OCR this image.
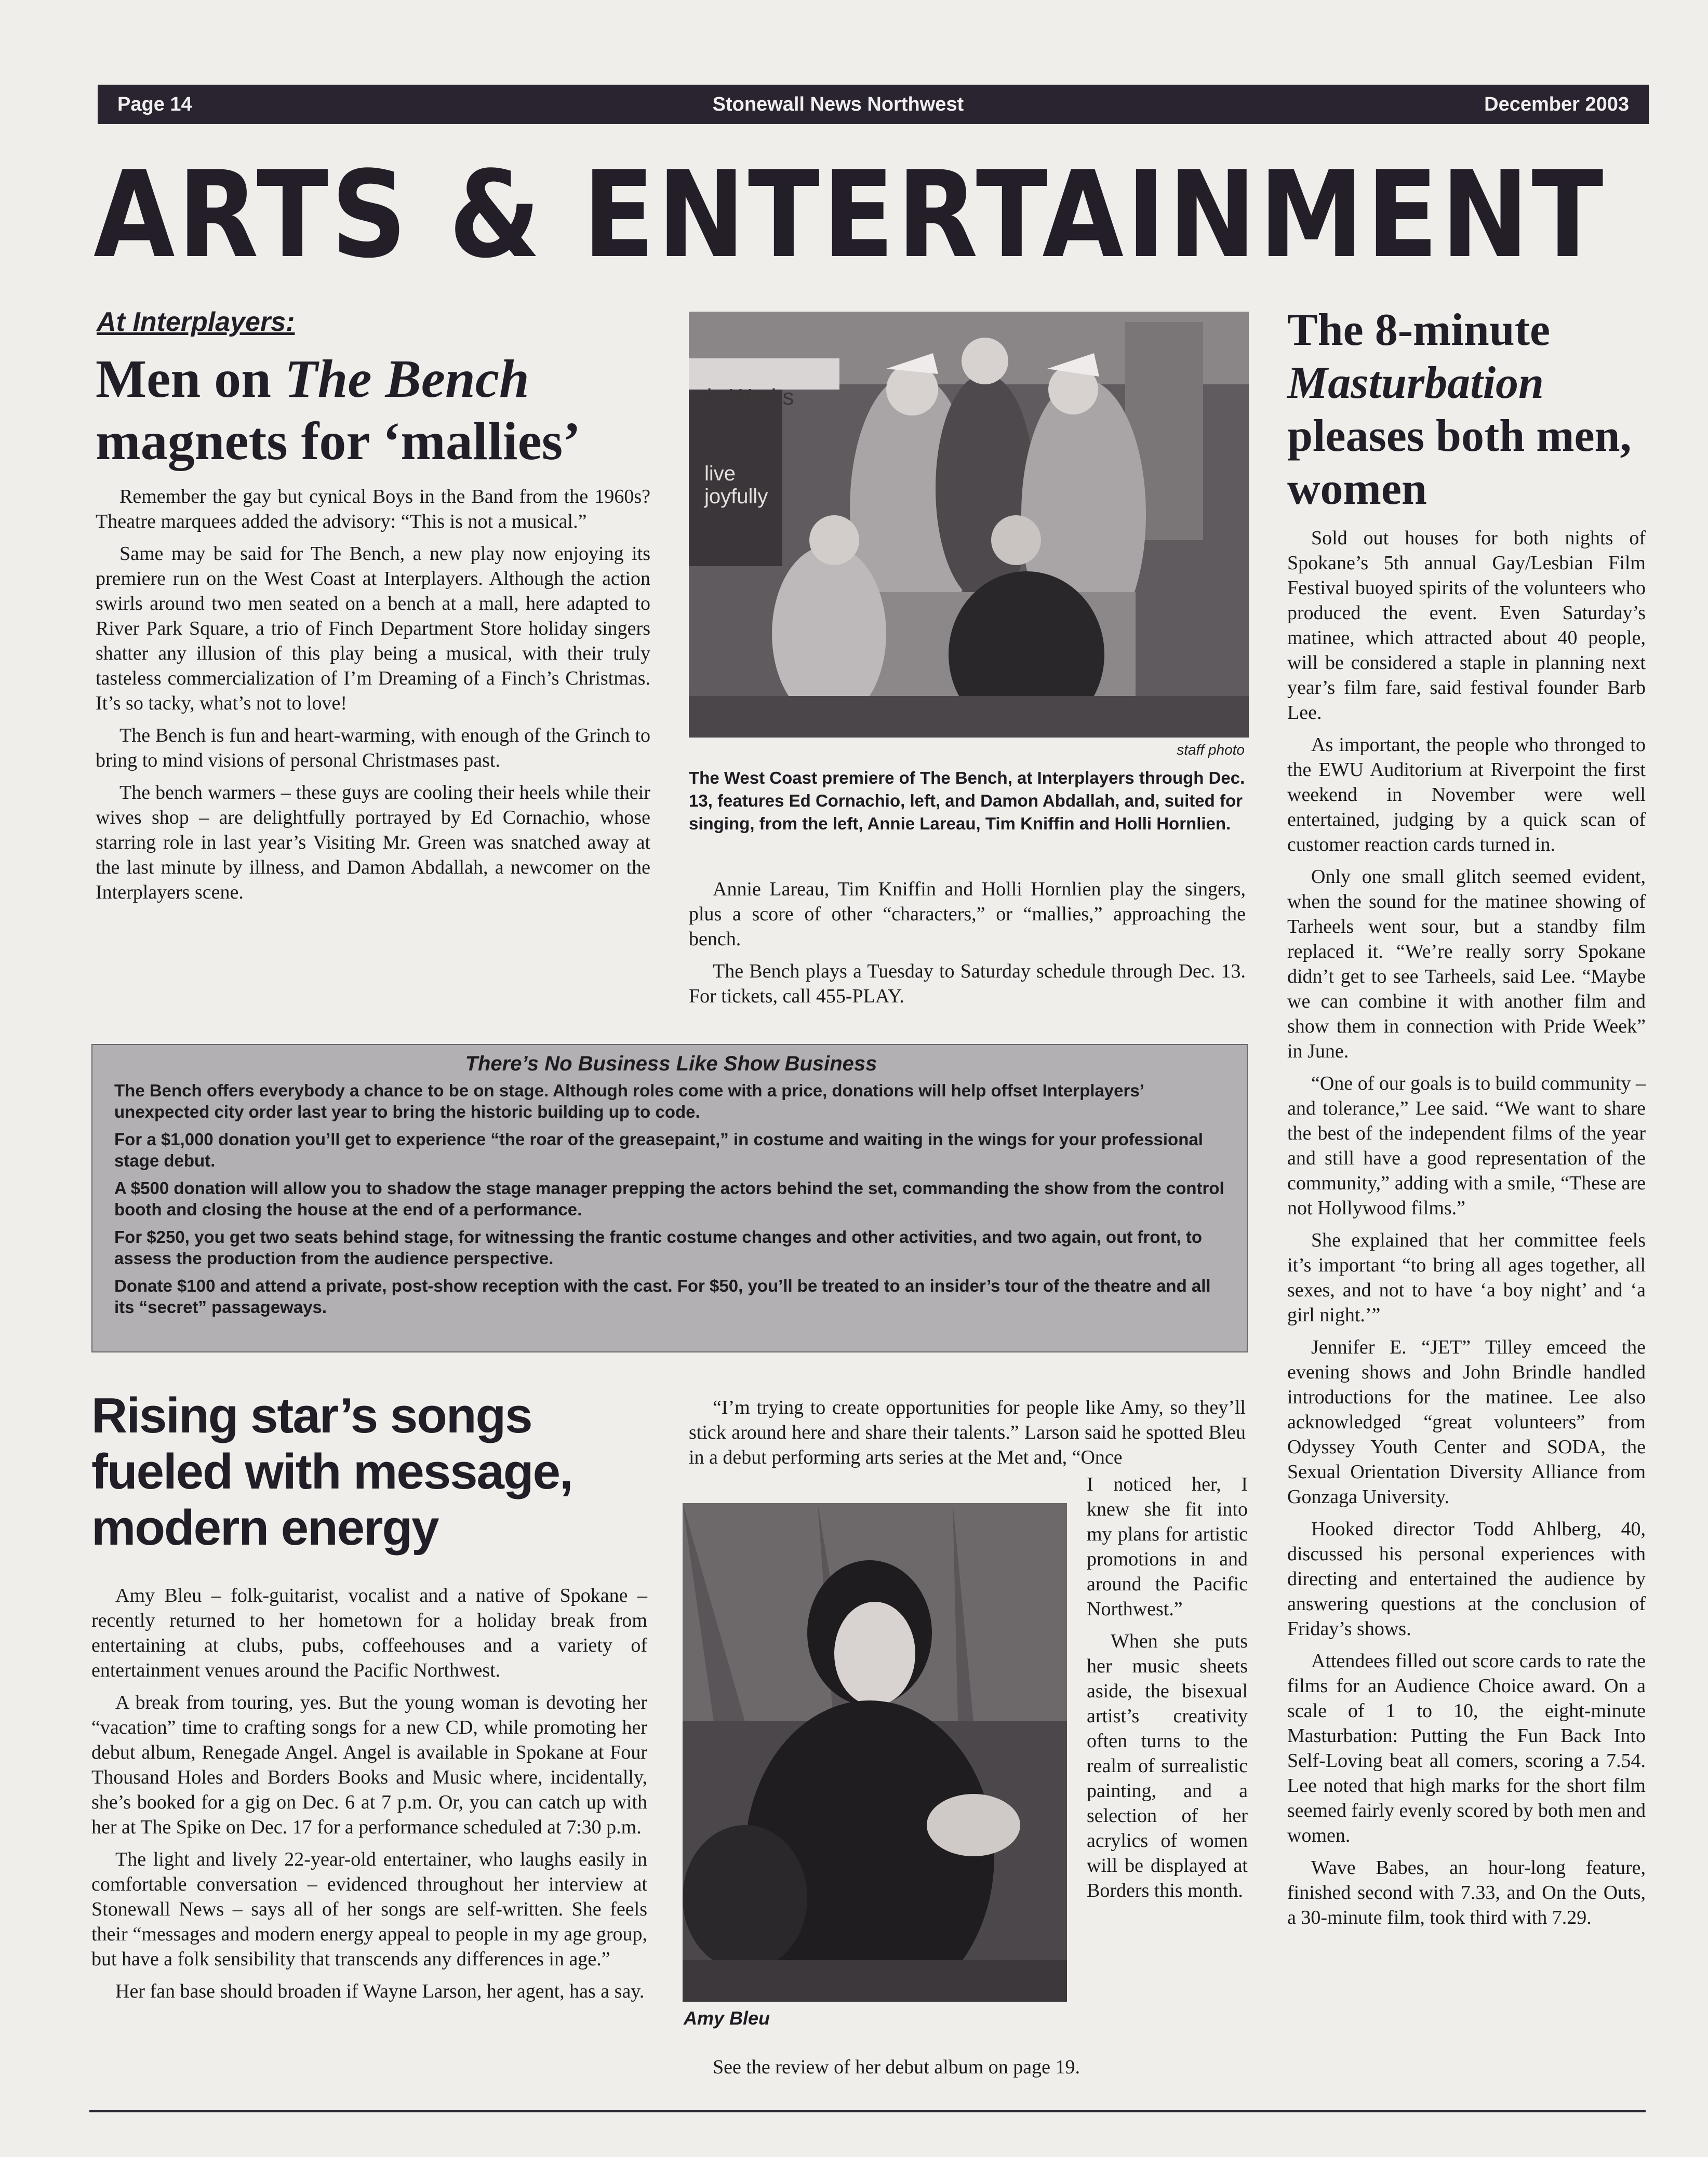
Page 14	Stonewall News Northwest	December 2003
ARTS & ENTERTAINMENT
At Interplayers:
Men on The Bench
magnets for ‘mallies’

Remember the gay but cynical Boys in the Band from the 1960s? Theatre marquees added the advisory: “This is not a musical.”

Same may be said for The Bench, a new play now enjoying its premiere run on the West Coast at Interplayers. Although the action swirls around two men seated on a bench at a mall, here adapted to River Park Square, a trio of Finch Department Store holiday singers shatter any illusion of this play being a musical, with their truly tasteless commercialization of I’m Dreaming of a Finch’s Christmas. It’s so tacky, what’s not to love!

The Bench is fun and heart-warming, with enough of the Grinch to bring to mind visions of personal Christmases past.

The bench warmers – these guys are cooling their heels while their wives shop – are delightfully portrayed by Ed Cornachio, whose starring role in last year’s Visiting Mr. Green was snatched away at the last minute by illness, and Damon Abdallah, a newcomer on the Interplayers scene.

dy Works
live joyfully
staff photo
The West Coast premiere of The Bench, at Interplayers through Dec. 13, features Ed Cornachio, left, and Damon Abdallah, and, suited for singing, from the left, Annie Lareau, Tim Kniffin and Holli Hornlien.

Annie Lareau, Tim Kniffin and Holli Hornlien play the singers, plus a score of other “characters,” or “mallies,” approaching the bench.

The Bench plays a Tuesday to Saturday schedule through Dec. 13. For tickets, call 455-PLAY.

There’s No Business Like Show Business

The Bench offers everybody a chance to be on stage. Although roles come with a price, donations will help offset Interplayers’ unexpected city order last year to bring the historic building up to code.

For a $1,000 donation you’ll get to experience “the roar of the greasepaint,” in costume and waiting in the wings for your professional stage debut.

A $500 donation will allow you to shadow the stage manager prepping the actors behind the set, commanding the show from the control booth and closing the house at the end of a performance.

For $250, you get two seats behind stage, for witnessing the frantic costume changes and other activities, and two again, out front, to assess the production from the audience perspective.

Donate $100 and attend a private, post-show reception with the cast. For $50, you’ll be treated to an insider’s tour of the theatre and all its “secret” passageways.

The 8-minute
Masturbation
pleases both men, women

Sold out houses for both nights of Spokane’s 5th annual Gay/Lesbian Film Festival buoyed spirits of the volunteers who produced the event. Even Saturday’s matinee, which attracted about 40 people, will be considered a staple in planning next year’s film fare, said festival founder Barb Lee.

As important, the people who thronged to the EWU Auditorium at Riverpoint the first weekend in November were well entertained, judging by a quick scan of customer reaction cards turned in.

Only one small glitch seemed evident, when the sound for the matinee showing of Tarheels went sour, but a standby film replaced it. “We’re really sorry Spokane didn’t get to see Tarheels, said Lee. “Maybe we can combine it with another film and show them in connection with Pride Week” in June.

“One of our goals is to build community – and tolerance,” Lee said. “We want to share the best of the independent films of the year and still have a good representation of the community,” adding with a smile, “These are not Hollywood films.”

She explained that her committee feels it’s important “to bring all ages together, all sexes, and not to have ‘a boy night’ and ‘a girl night.’”

Jennifer E. “JET” Tilley emceed the evening shows and John Brindle handled introductions for the matinee. Lee also acknowledged “great volunteers” from Odyssey Youth Center and SODA, the Sexual Orientation Diversity Alliance from Gonzaga University.

Hooked director Todd Ahlberg, 40, discussed his personal experiences with directing and entertained the audience by answering questions at the conclusion of Friday’s shows.

Attendees filled out score cards to rate the films for an Audience Choice award. On a scale of 1 to 10, the eight-minute Masturbation: Putting the Fun Back Into Self-Loving beat all comers, scoring a 7.54. Lee noted that high marks for the short film seemed fairly evenly scored by both men and women.

Wave Babes, an hour-long feature, finished second with 7.33, and On the Outs, a 30-minute film, took third with 7.29.

Rising star’s songs fueled with message, modern energy

Amy Bleu – folk-guitarist, vocalist and a native of Spokane – recently returned to her hometown for a holiday break from entertaining at clubs, pubs, coffeehouses and a variety of entertainment venues around the Pacific Northwest.

A break from touring, yes. But the young woman is devoting her “vacation” time to crafting songs for a new CD, while promoting her debut album, Renegade Angel. Angel is available in Spokane at Four Thousand Holes and Borders Books and Music where, incidentally, she’s booked for a gig on Dec. 6 at 7 p.m. Or, you can catch up with her at The Spike on Dec. 17 for a performance scheduled at 7:30 p.m.

The light and lively 22-year-old entertainer, who laughs easily in comfortable conversation – evidenced throughout her interview at Stonewall News – says all of her songs are self-written. She feels their “messages and modern energy appeal to people in my age group, but have a folk sensibility that transcends any differences in age.”

Her fan base should broaden if Wayne Larson, her agent, has a say.

“I’m trying to create opportunities for people like Amy, so they’ll stick around here and share their talents.” Larson said he spotted Bleu in a debut performing arts series at the Met and, “Once

Amy Bleu

I noticed her, I knew she fit into my plans for artistic promotions in and around the Pacific Northwest.”

When she puts her music sheets aside, the bisexual artist’s creativity often turns to the realm of surrealistic painting, and a selection of her acrylics of women will be displayed at Borders this month.

See the review of her debut album on page 19.
